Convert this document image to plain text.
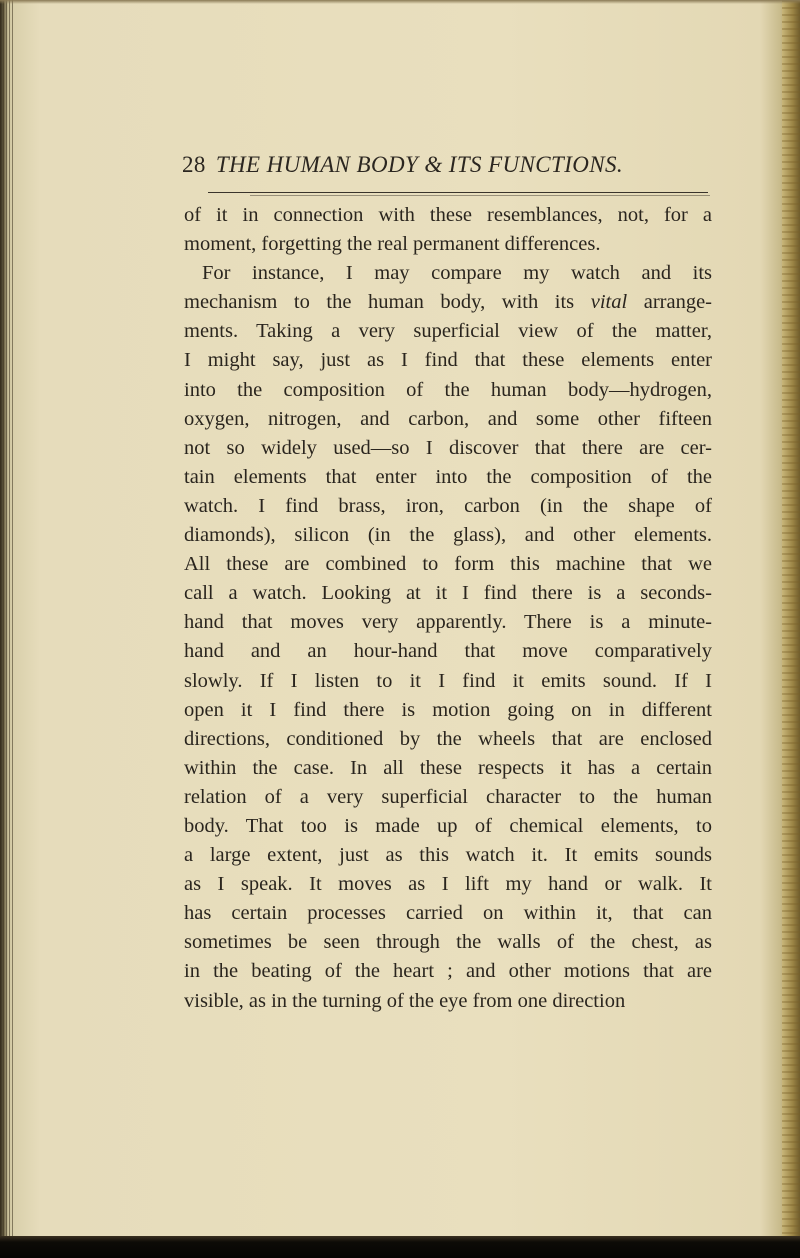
28 THE HUMAN BODY & ITS FUNCTIONS.
of it in connection with these resemblances, not, for a
moment, forgetting the real permanent differences.
For instance, I may compare my watch and its
mechanism to the human body, with its vital arrange-
ments. Taking a very superficial view of the matter,
I might say, just as I find that these elements enter
into the composition of the human body—hydrogen,
oxygen, nitrogen, and carbon, and some other fifteen
not so widely used—so I discover that there are cer-
tain elements that enter into the composition of the
watch. I find brass, iron, carbon (in the shape of
diamonds), silicon (in the glass), and other elements.
All these are combined to form this machine that we
call a watch. Looking at it I find there is a seconds-
hand that moves very apparently. There is a minute-
hand and an hour-hand that move comparatively
slowly. If I listen to it I find it emits sound. If I
open it I find there is motion going on in different
directions, conditioned by the wheels that are enclosed
within the case. In all these respects it has a certain
relation of a very superficial character to the human
body. That too is made up of chemical elements, to
a large extent, just as this watch it. It emits sounds
as I speak. It moves as I lift my hand or walk. It
has certain processes carried on within it, that can
sometimes be seen through the walls of the chest, as
in the beating of the heart ; and other motions that are
visible, as in the turning of the eye from one direction
